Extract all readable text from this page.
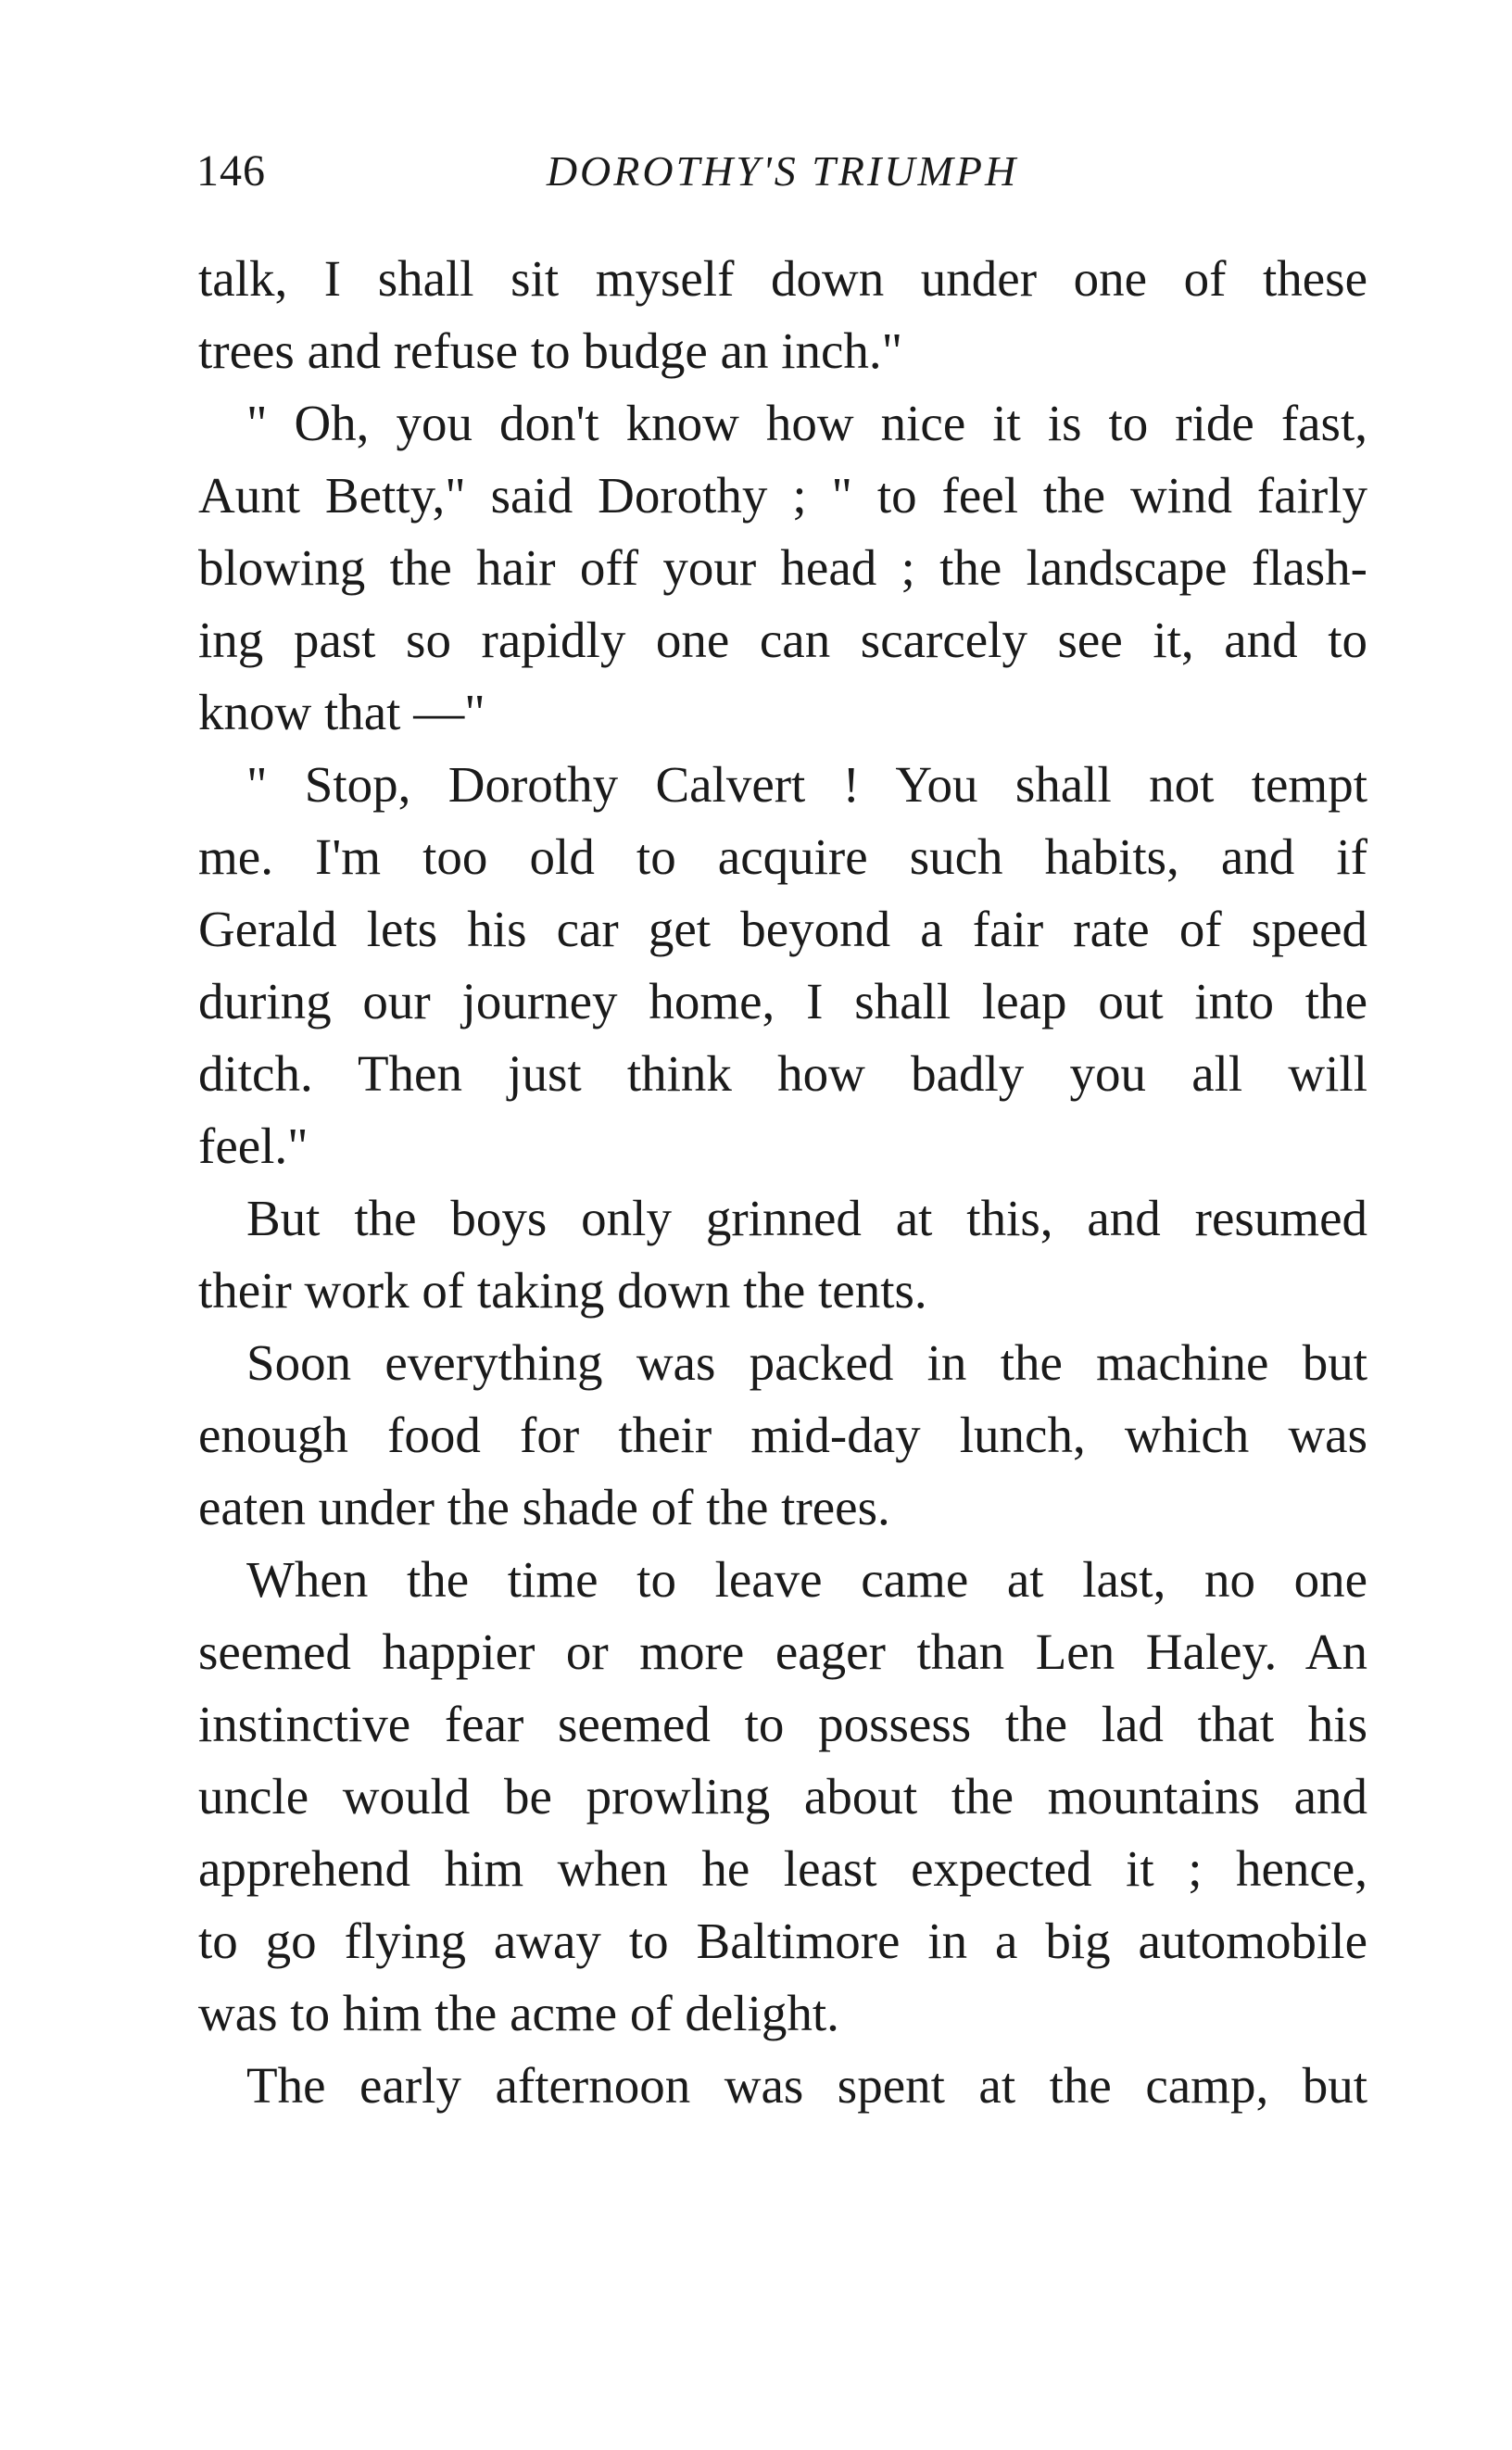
146	DOROTHY'S TRIUMPH
talk, I shall sit myself down under one of these
trees and refuse to budge an inch."
" Oh, you don't know how nice it is to ride fast,
Aunt Betty," said Dorothy ; " to feel the wind fairly
blowing the hair off your head ; the landscape flash-
ing past so rapidly one can scarcely see it, and to
know that —"
" Stop, Dorothy Calvert ! You shall not tempt
me. I'm too old to acquire such habits, and if
Gerald lets his car get beyond a fair rate of speed
during our journey home, I shall leap out into the
ditch. Then just think how badly you all will
feel."
But the boys only grinned at this, and resumed
their work of taking down the tents.
Soon everything was packed in the machine but
enough food for their mid-day lunch, which was
eaten under the shade of the trees.
When the time to leave came at last, no one
seemed happier or more eager than Len Haley. An
instinctive fear seemed to possess the lad that his
uncle would be prowling about the mountains and
apprehend him when he least expected it ; hence,
to go flying away to Baltimore in a big automobile
was to him the acme of delight.
The early afternoon was spent at the camp, but
